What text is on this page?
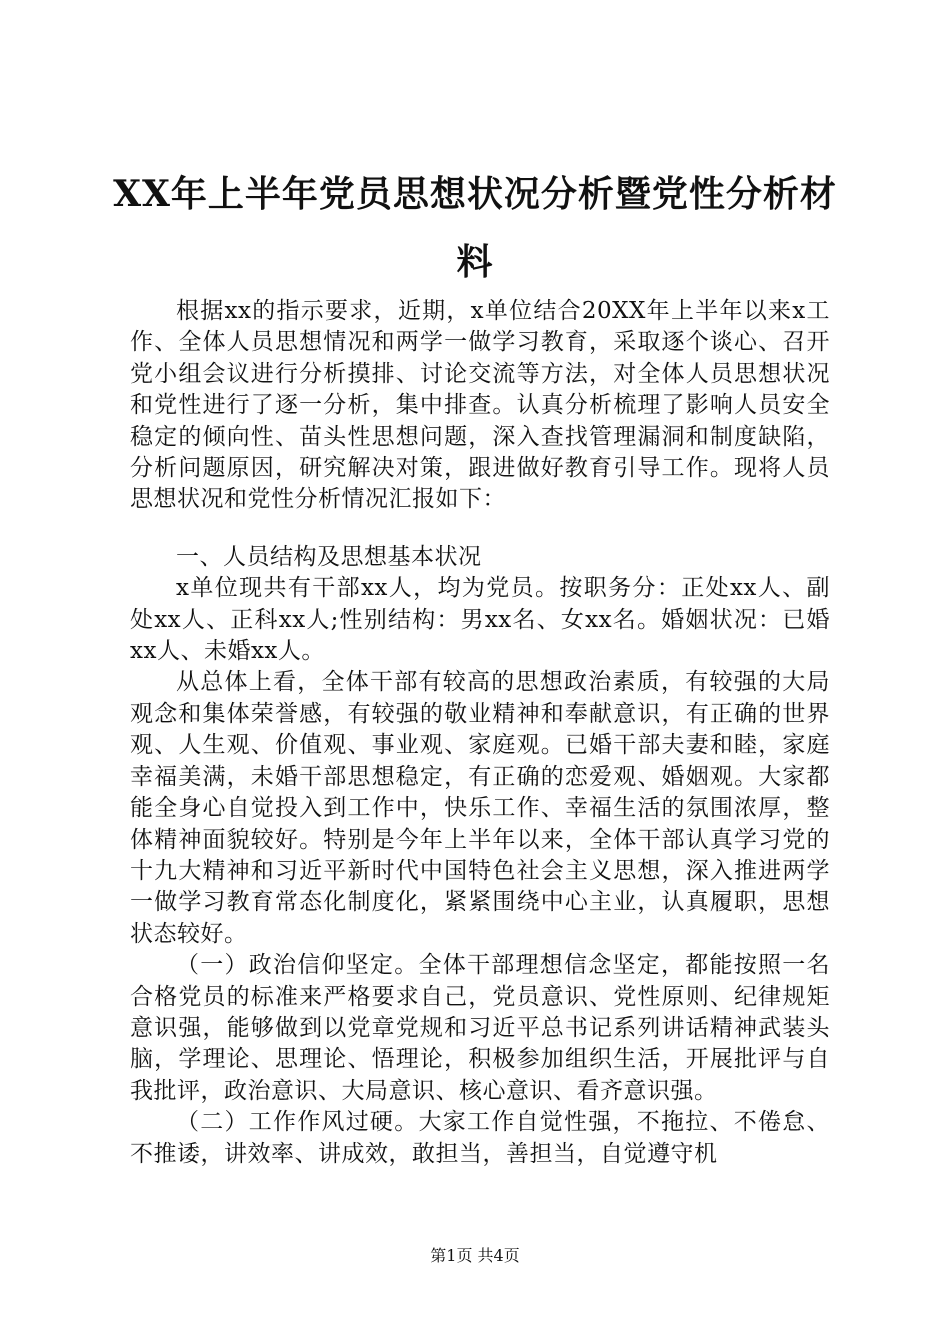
XX年上半年党员思想状况分析暨党性分析材料

根据xx的指示要求，近期，x单位结合20XX年上半年以来x工作、全体人员思想情况和两学一做学习教育，采取逐个谈心、召开党小组会议进行分析摸排、讨论交流等方法，对全体人员思想状况和党性进行了逐一分析，集中排查。认真分析梳理了影响人员安全稳定的倾向性、苗头性思想问题，深入查找管理漏洞和制度缺陷，分析问题原因，研究解决对策，跟进做好教育引导工作。现将人员思想状况和党性分析情况汇报如下：

一、人员结构及思想基本状况

x单位现共有干部xx人，均为党员。按职务分：正处xx人、副处xx人、正科xx人;性别结构：男xx名、女xx名。婚姻状况：已婚xx人、未婚xx人。

从总体上看，全体干部有较高的思想政治素质，有较强的大局观念和集体荣誉感，有较强的敬业精神和奉献意识，有正确的世界观、人生观、价值观、事业观、家庭观。已婚干部夫妻和睦，家庭幸福美满，未婚干部思想稳定，有正确的恋爱观、婚姻观。大家都能全身心自觉投入到工作中，快乐工作、幸福生活的氛围浓厚，整体精神面貌较好。特别是今年上半年以来，全体干部认真学习党的十九大精神和习近平新时代中国特色社会主义思想，深入推进两学一做学习教育常态化制度化，紧紧围绕中心主业，认真履职，思想状态较好。

（一）政治信仰坚定。全体干部理想信念坚定，都能按照一名合格党员的标准来严格要求自己，党员意识、党性原则、纪律规矩意识强，能够做到以党章党规和习近平总书记系列讲话精神武装头脑，学理论、思理论、悟理论，积极参加组织生活，开展批评与自我批评，政治意识、大局意识、核心意识、看齐意识强。

（二）工作作风过硬。大家工作自觉性强，不拖拉、不倦怠、不推诿，讲效率、讲成效，敢担当，善担当，自觉遵守机

第1页 共4页
